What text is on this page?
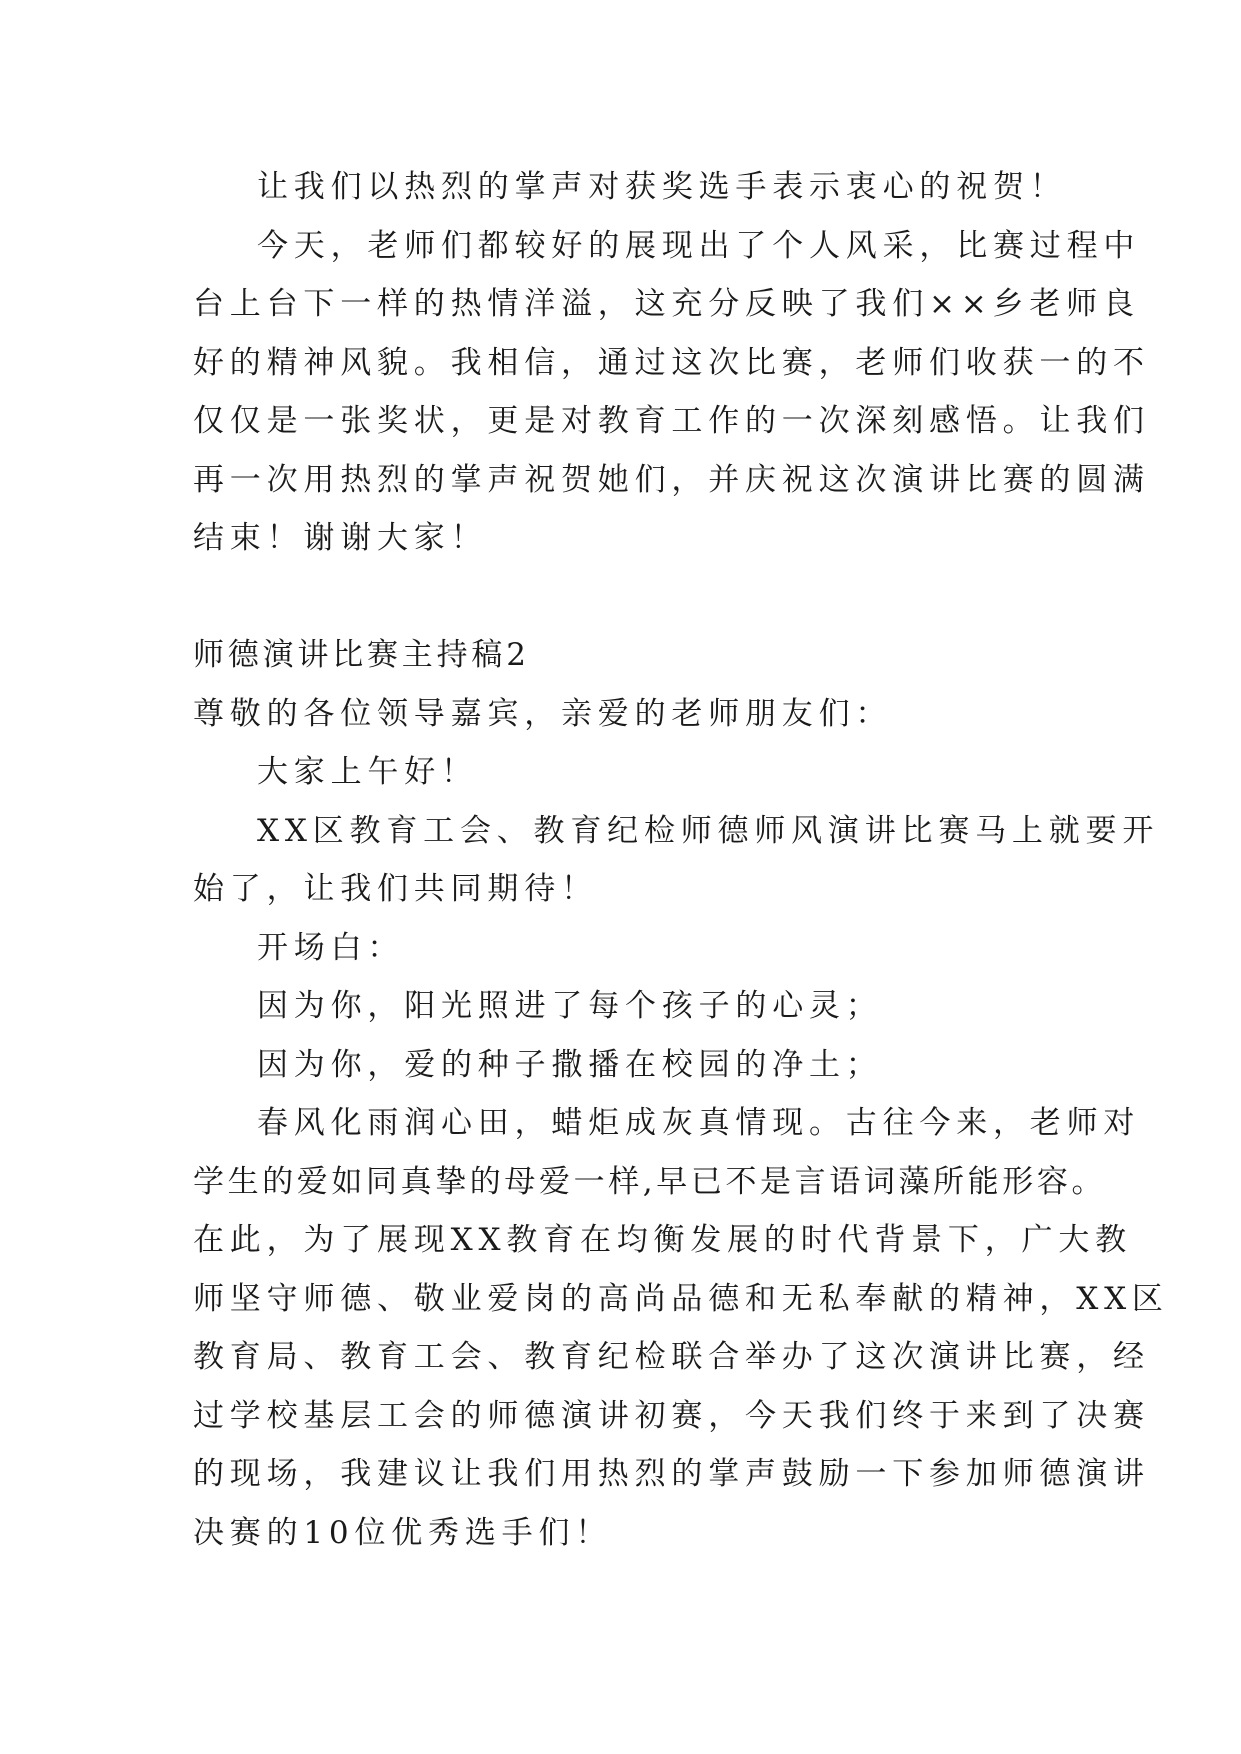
让我们以热烈的掌声对获奖选手表示衷心的祝贺！
今天，老师们都较好的展现出了个人风采，比赛过程中
台上台下一样的热情洋溢，这充分反映了我们××乡老师良
好的精神风貌。我相信，通过这次比赛，老师们收获一的不
仅仅是一张奖状，更是对教育工作的一次深刻感悟。让我们
再一次用热烈的掌声祝贺她们，并庆祝这次演讲比赛的圆满
结束！谢谢大家！
师德演讲比赛主持稿2
尊敬的各位领导嘉宾，亲爱的老师朋友们：
大家上午好！
XX区教育工会、教育纪检师德师风演讲比赛马上就要开
始了，让我们共同期待！
开场白：
因为你，阳光照进了每个孩子的心灵；
因为你，爱的种子撒播在校园的净土；
春风化雨润心田，蜡炬成灰真情现。古往今来，老师对
学生的爱如同真挚的母爱一样,早已不是言语词藻所能形容。
在此，为了展现XX教育在均衡发展的时代背景下，广大教
师坚守师德、敬业爱岗的高尚品德和无私奉献的精神，XX区
教育局、教育工会、教育纪检联合举办了这次演讲比赛，经
过学校基层工会的师德演讲初赛，今天我们终于来到了决赛
的现场，我建议让我们用热烈的掌声鼓励一下参加师德演讲
决赛的10位优秀选手们！
